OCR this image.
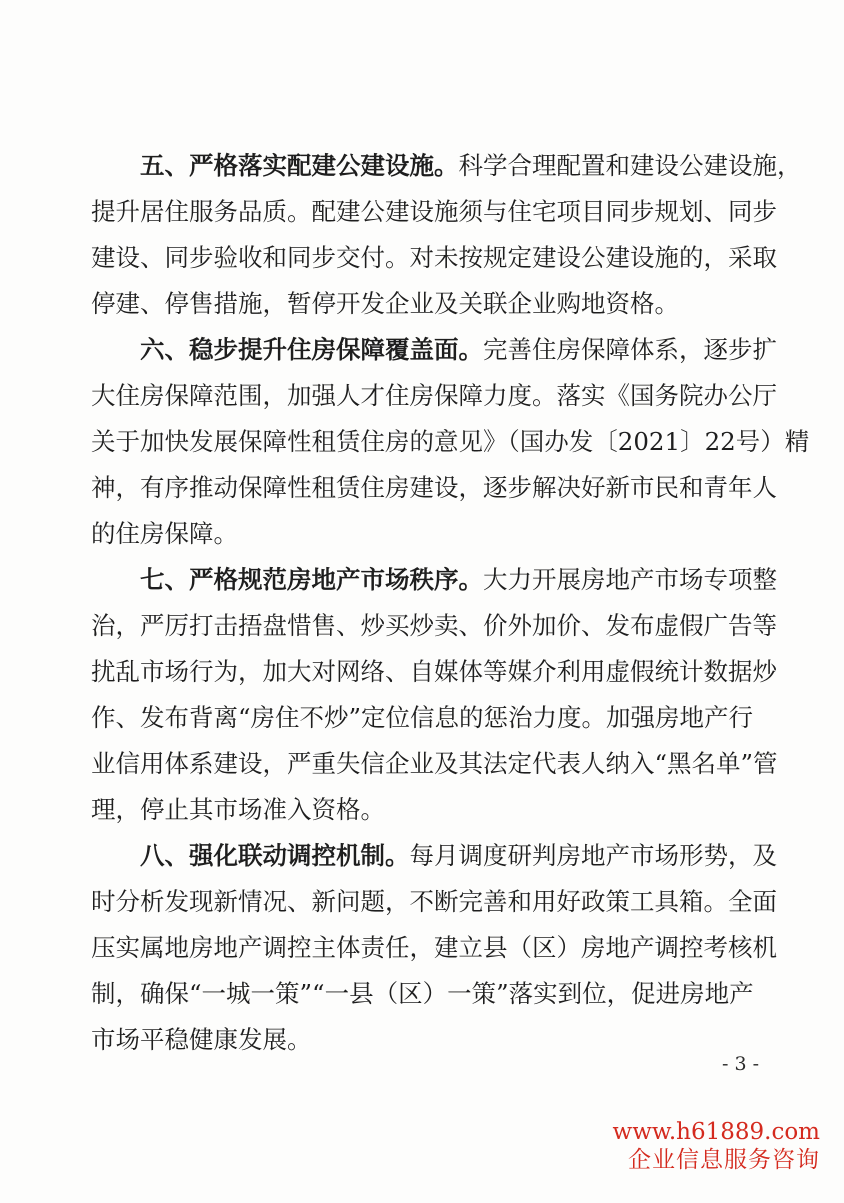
五、严格落实配建公建设施。科学合理配置和建设公建设施，
提升居住服务品质。配建公建设施须与住宅项目同步规划、同步
建设、同步验收和同步交付。对未按规定建设公建设施的，采取
停建、停售措施，暂停开发企业及关联企业购地资格。
六、稳步提升住房保障覆盖面。完善住房保障体系，逐步扩
大住房保障范围，加强人才住房保障力度。落实《国务院办公厅
关于加快发展保障性租赁住房的意见》（国办发〔2021〕22号）精
神，有序推动保障性租赁住房建设，逐步解决好新市民和青年人
的住房保障。
七、严格规范房地产市场秩序。大力开展房地产市场专项整
治，严厉打击捂盘惜售、炒买炒卖、价外加价、发布虚假广告等
扰乱市场行为，加大对网络、自媒体等媒介利用虚假统计数据炒
作、发布背离“房住不炒”定位信息的惩治力度。加强房地产行
业信用体系建设，严重失信企业及其法定代表人纳入“黑名单”管
理，停止其市场准入资格。
八、强化联动调控机制。每月调度研判房地产市场形势，及
时分析发现新情况、新问题，不断完善和用好政策工具箱。全面
压实属地房地产调控主体责任，建立县（区）房地产调控考核机
制，确保“一城一策”“一县（区）一策”落实到位，促进房地产
市场平稳健康发展。
- 3 -
www.h61889.com
企业信息服务咨询
